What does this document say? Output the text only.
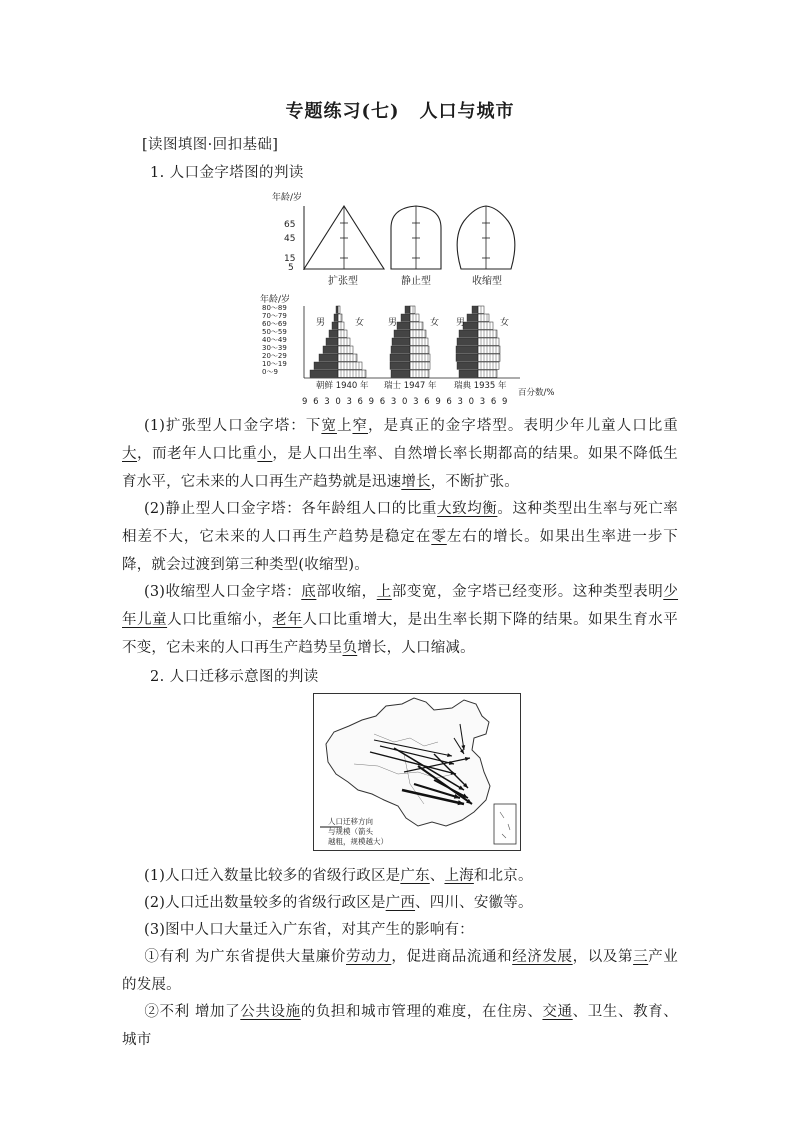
专题练习(七) 人口与城市
[读图填图·回扣基础]
1. 人口金字塔图的判读
年龄/岁
65
45
15
5
扩张型	静止型	收缩型
年龄/岁
80～89
70～79
60～69
50～59
40～49
30～39
20～29
10～19
0～9
男	女	男	女 男	女
朝鲜 1940 年 瑞士 1947 年 瑞典 1935 年
9 6 3 0 3 6 9 6 3 0 3 6 9 6 3 0 3 6 9
百分数/%
(1)扩张型人口金字塔：下宽上窄，是真正的金字塔型。表明少年儿童人口比重大，而老年人口比重小，是人口出生率、自然增长率长期都高的结果。如果不降低生育水平，它未来的人口再生产趋势就是迅速增长，不断扩张。
(2)静止型人口金字塔：各年龄组人口的比重大致均衡。这种类型出生率与死亡率相差不大，它未来的人口再生产趋势是稳定在零左右的增长。如果出生率进一步下降，就会过渡到第三种类型(收缩型)。
(3)收缩型人口金字塔：底部收缩，上部变宽，金字塔已经变形。这种类型表明少年儿童人口比重缩小，老年人口比重增大，是出生率长期下降的结果。如果生育水平不变，它未来的人口再生产趋势呈负增长，人口缩减。
2. 人口迁移示意图的判读
人口迁移方向
与规模（箭头
越粗，规模越大）
(1)人口迁入数量比较多的省级行政区是广东、上海和北京。
(2)人口迁出数量较多的省级行政区是广西、四川、安徽等。
(3)图中人口大量迁入广东省，对其产生的影响有：
①有利 为广东省提供大量廉价劳动力，促进商品流通和经济发展，以及第三产业的发展。
②不利 增加了公共设施的负担和城市管理的难度，在住房、交通、卫生、教育、城市
